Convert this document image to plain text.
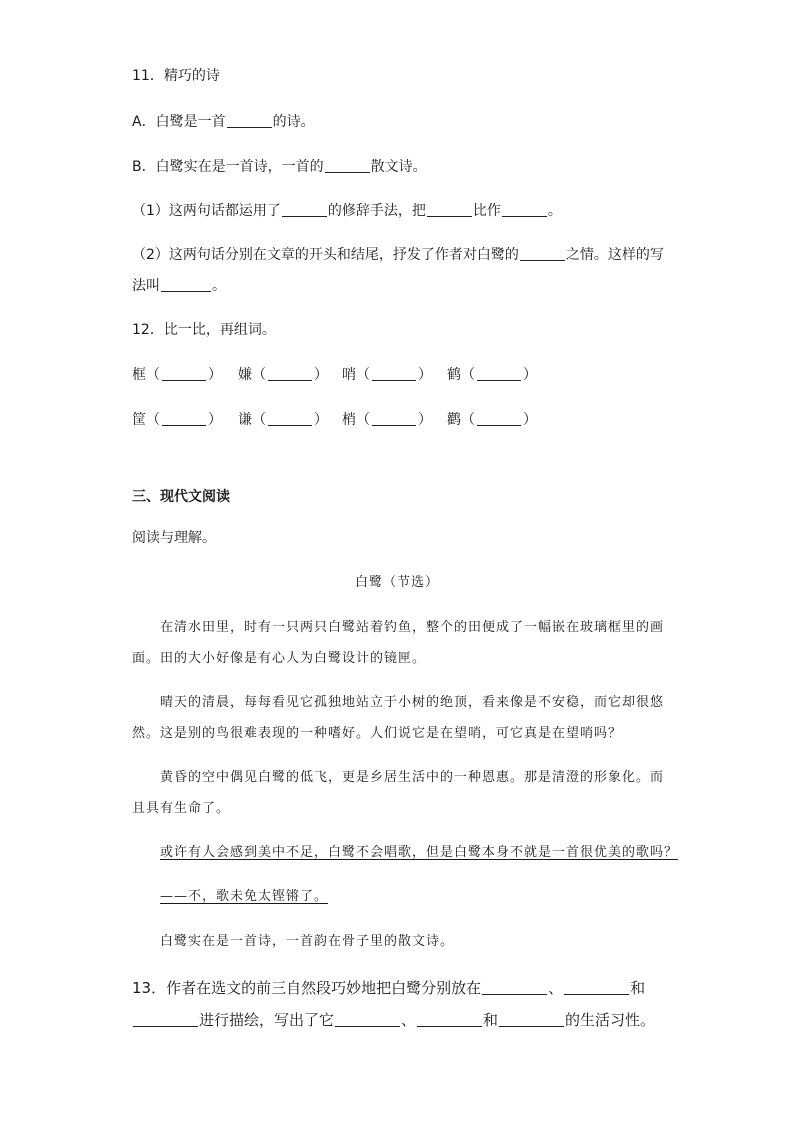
11．精巧的诗
A．白鹭是一首	的诗。
B．白鹭实在是一首诗，一首的	散文诗。
（1）这两句话都运用了	的修辞手法，把	比作	。
（2）这两句话分别在文章的开头和结尾，抒发了作者对白鹭的	之情。这样的写
法叫	。
12．比一比，再组词。
框（	） 嫌（	） 哨（	） 鹤（	）
筐（	） 谦（	） 梢（	） 鹳（	）
三、现代文阅读
阅读与理解。
白鹭（节选）
在清水田里，时有一只两只白鹭站着钓鱼，整个的田便成了一幅嵌在玻璃框里的画
面。田的大小好像是有心人为白鹭设计的镜匣。
晴天的清晨，每每看见它孤独地站立于小树的绝顶，看来像是不安稳，而它却很悠
然。这是别的鸟很难表现的一种嗜好。人们说它是在望哨，可它真是在望哨吗？
黄昏的空中偶见白鹭的低飞，更是乡居生活中的一种恩惠。那是清澄的形象化。而
且具有生命了。
或许有人会感到美中不足，白鹭不会唱歌，但是白鹭本身不就是一首很优美的歌吗？
——不，歌未免太铿锵了。
白鹭实在是一首诗，一首韵在骨子里的散文诗。
13．作者在选文的前三自然段巧妙地把白鹭分别放在	、	和
进行描绘，写出了它	、	和	的生活习性。
